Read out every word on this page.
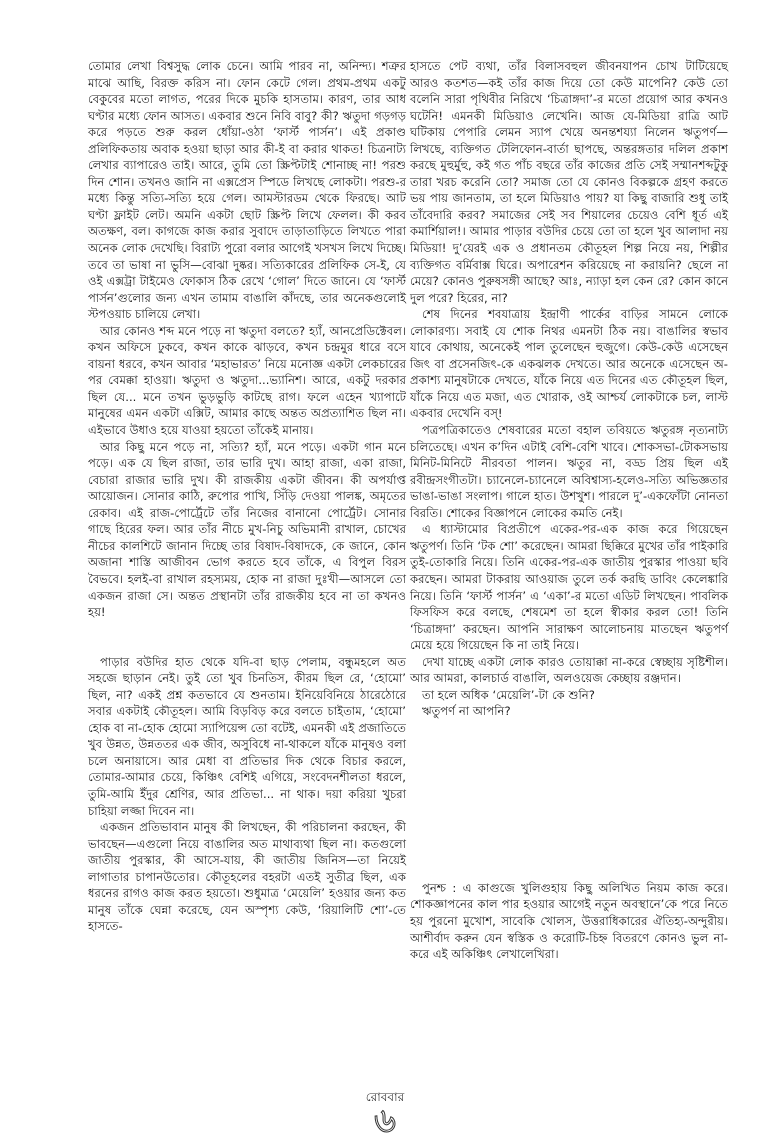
তোমার লেখা বিশ্বসুদ্ধ লোক চেনে। আমি পারব না, অনিন্দ্য। শত্রুর মাঝে আছি, বিরক্ত করিস না। ফোন কেটে গেল। প্রথম-প্রথম একটু বেকুবের মতো লাগত, পরের দিকে মুচকি হাসতাম। কারণ, তার আধ ঘণ্টার মধ্যে ফোন আসত। একবার শুনে নিবি বাবু? কী? ঋতুদা গড়গড় করে পড়তে শুরু করল ধোঁয়া-ওঠা ‘ফার্স্ট পার্সন’। এই প্রকাণ্ড প্রলিফিকতায় অবাক হওয়া ছাড়া আর কী-ই বা করার থাকত! চিত্রনাট্য লেখার ব্যাপারেও তাই। আরে, তুমি তো স্ক্রিপ্টটাই শোনাচ্ছ না! পরশু দিন শোন। তখনও জানি না এক্সপ্রেস স্পিডে লিখছে লোকটা। পরশু-র মধ্যে কিন্তু সত্যি-সত্যি হয়ে গেল। আমস্টারডম থেকে ফিরছে। আট ঘণ্টা ফ্লাইট লেট। অমনি একটা ছোট স্ক্রিপ্ট লিখে ফেলল। কী করব অতক্ষণ, বল। কাগজে কাজ করার সুবাদে তাড়াতাড়িতে লিখতে পারা অনেক লোক দেখেছি। বিরাট্য পুরো বলার আগেই খসখস লিখে দিচ্ছে। তবে তা ভাষা না ভুসি—বোঝা দুষ্কর। সত্যিকারের প্রলিফিক সে-ই, যে ওই এক্সট্রা টাইমেও ফোকাস ঠিক রেখে ‘গোল’ দিতে জানে। যে ‘ফার্স্ট পার্সন’গুলোর জন্য এখন তামাম বাঙালি কাঁদছে, তার অনেকগুলোই স্টপওয়াচ চালিয়ে লেখা।

আর কোনও শব্দ মনে পড়ে না ঋতুদা বলতে? হ্যাঁ, আনপ্রেডিক্টেবল। কখন অফিসে ঢুকবে, কখন কাকে ঝাড়বে, কখন চন্দ্রমুর ধারে বসে বায়না ধরবে, কখন আবার ‘মহাভারত’ নিয়ে মনোজ্ঞ একটা লেকচারের পর বেমক্কা হাওয়া। ঋতুদা ও ঋতুদা...ভ্যানিশ। আরে, একটু দরকার ছিল যে... মনে তখন ভুড়ভুড়ি কাটছে রাগ। ফলে এহেন খ্যাপাটে মানুষের এমন একটা এক্সিট, আমার কাছে অন্তত অপ্রত্যাশিত ছিল না। এইভাবে উধাও হয়ে যাওয়া হয়তো তাঁকেই মানায়।

আর কিছু মনে পড়ে না, সত্যি? হ্যাঁ, মনে পড়ে। একটা গান মনে পড়ে। এক যে ছিল রাজা, তার ভারি দুখ। আহা রাজা, একা রাজা, বেচারা রাজার ভারি দুখ। কী রাজকীয় একটা জীবন। কী অপর্যাপ্ত আয়োজন। সোনার কাঠি, রুপোর পাখি, সিঁড়ি দেওয়া পালঙ্ক, অমৃতের রেকাব। এই রাজ-পোর্ট্রেটে তাঁর নিজের বানানো পোর্ট্রেট। সোনার গাছে হিরের ফল। আর তাঁর নীচে মুখ-নিচু অভিমানী রাখাল, চোখের নীচের কালশিটে জানান দিচ্ছে তার বিষাদ-বিষাদকে, কে জানে, কোন অজানা শাস্তি আজীবন ভোগ করতে হবে তাঁকে, এ বিপুল বিরস বৈভবে। হলই-বা রাখাল রহস্যময়, হোক না রাজা দুঃখী—আসলে তো একজন রাজা সে। অন্তত প্রস্থানটা তাঁর রাজকীয় হবে না তা কখনও হয়!

পাড়ার বউদির হাত থেকে যদি-বা ছাড় পেলাম, বন্ধুমহলে অত সহজে ছাড়ান নেই। তুই তো খুব চিনতিস, কীরম ছিল রে, ‘হোমো’ ছিল, না? একই প্রশ্ন কতভাবে যে শুনতাম। ইনিয়েবিনিয়ে ঠারেঠোরে সবার একটাই কৌতূহল। আমি বিড়বিড় করে বলতে চাইতাম, ‘হোমো’ হোক বা না-হোক হোমো স্যাপিয়েন্স তো বটেই, এমনকী এই প্রজাতিতে খুব উন্নত, উন্নততর এক জীব, অসুবিধে না-থাকলে যাঁকে মানুষও বলা চলে অনায়াসে। আর মেধা বা প্রতিভার দিক থেকে বিচার করলে, তোমার-আমার চেয়ে, কিঞ্চিৎ বেশিই এগিয়ে, সংবেদনশীলতা ধরলে, তুমি-আমি ইঁদুর শ্রেণির, আর প্রতিভা... না থাক। দয়া করিয়া খুচরা চাহিয়া লজ্জা দিবেন না।

একজন প্রতিভাবান মানুষ কী লিখছেন, কী পরিচালনা করছেন, কী ভাবছেন—এগুলো নিয়ে বাঙালির অত মাথাব্যথা ছিল না। কতগুলো জাতীয় পুরস্কার, কী আসে-যায়, কী জাতীয় জিনিস—তা নিয়েই লাগাতার চাপানউতোর। কৌতূহলের বহরটা এতই সুতীব্র ছিল, এক ধরনের রাগও কাজ করত হয়তো। শুধুমাত্র ‘মেয়েলি’ হওয়ার জন্য কত মানুষ তাঁকে ঘেন্না করেছে, যেন অস্পৃশ্য কেউ, ‘রিয়ালিটি শো’-তে হাসতে-

হাসতে পেট ব্যথা, তাঁর বিলাসবহুল জীবনযাপন চোখ টাটিয়েছে আরও কতশত—কই তাঁর কাজ দিয়ে তো কেউ মাপেনি? কেউ তো বলেনি সারা পৃথিবীর নিরিখে ‘চিত্রাঙ্গদা’-র মতো প্রয়োগ আর কখনও ঘটেনি! এমনকী মিডিয়াও লেখেনি। আজ যে-মিডিয়া রাত্রি আট ঘটিকায় পেপারি লেমন স্যাপ খেয়ে অনন্তশয্যা নিলেন ঋতুপর্ণ—লিখছে, ব্যক্তিগত টেলিফোন-বার্তা ছাপছে, অন্তরঙ্গতার দলিল প্রকাশ করছে মুহুর্মুহু, কই গত পাঁচ বছরে তাঁর কাজের প্রতি সেই সম্মানশব্দটুকু তারা খরচ করেনি তো? সমাজ তো যে কোনও বিকল্পকে গ্রহণ করতে ভয় পায় জানতাম, তা হলে মিডিয়াও পায়? যা কিছু বাজারি শুধু তাই তাঁবেদারি করব? সমাজের সেই সব শিয়ালের চেয়েও বেশি ধূর্ত এই কমার্শিয়াল!। আমার পাড়ার বউদির চেয়ে তো তা হলে খুব আলাদা নয় মিডিয়া! দু’য়েরই এক ও প্রধানতম কৌতূহল শিল্প নিয়ে নয়, শিল্পীর ব্যক্তিগত বর্মিবাক্স ঘিরে। অপারেশন করিয়েছে না করায়নি? ছেলে না মেয়ে? কোনও পুরুষসঙ্গী আছে? আঃ, ন্যাড়া হল কেন রে? কোন কানে দুল পরে? হিরের, না?

শেষ দিনের শবযাত্রায় ইন্দ্রাণী পার্কের বাড়ির সামনে লোকে লোকারণ্য। সবাই যে শোক নিথর এমনটা ঠিক নয়। বাঙালির স্বভাব যাবে কোথায়, অনেকেই পাল তুলেছেন হুজুগে। কেউ-কেউ এসেছেন জিৎ বা প্রসেনজিৎ-কে একঝলক দেখতে। আর অনেকে এসেছেন অ-প্রকাশ্য মানুষটাকে দেখতে, যাঁকে নিয়ে এত দিনের এত কৌতূহল ছিল, যাঁকে নিয়ে এত মজা, এত খোরাক, ওই আশ্চর্য লোকটাকে চল, লাস্ট একবার দেখেনি বস্‌!

পত্রপত্রিকাতেও শেষবারের মতো বহাল তবিয়তে ঋতুরঙ্গ নৃত্যনাট্য চলিতেছে। এখন ক’দিন এটাই বেশি-বেশি খাবে। শোকসভা-টোকসভায় মিনিট-মিনিটে নীরবতা পালন। ঋতুর না, বড্ড প্রিয় ছিল এই রবীন্দ্রসংগীতটা। চ্যানেলে-চ্যানেলে অবিশ্বাস্য-হলেও-সত্যি অভিজ্ঞতার ভাঙা-ভাঙা সংলাপ। গালে হাত। উশখুশ। পারলে দু’-একফোঁটা নোনতা বিরতি। শোকের বিজ্ঞাপনে লোকের কমতি নেই।

এ ধ্যাস্টামোর বিপ্রতীপে একের-পর-এক কাজ করে গিয়েছেন ঋতুপর্ণ। তিনি ‘টক শো’ করেছেন। আমরা ছিক্কিরে মুখের তাঁর পাইকারি তুই-তোকারি নিয়ে। তিনি একের-পর-এক জাতীয় পুরস্কার পাওয়া ছবি করছেন। আমরা টাকরায় আওয়াজ তুলে তর্ক করছি ডাবিং কেলেঙ্কারি নিয়ে। তিনি ‘ফার্স্ট পার্সন’ এ ‘একা’-র মতো এডিট লিখছেন। পাবলিক ফিসফিস করে বলছে, শেষমেশ তা হলে স্বীকার করল তো! তিনি ‘চিত্রাঙ্গদা’ করছেন। আপনি সারাক্ষণ আলোচনায় মাতছেন ঋতুপর্ণ মেয়ে হয়ে গিয়েছেন কি না তাই নিয়ে।

দেখা যাচ্ছে একটা লোক কারও তোয়াক্কা না-করে স্বেচ্ছায় সৃষ্টিশীল। আর আমরা, কালচার্ড বাঙালি, অলওয়েজ কেচ্ছায় রঞ্জদান।

তা হলে অধিক ‘মেয়েলি’-টা কে শুনি?

ঋতুপর্ণ না আপনি?

পুনশ্চ : এ কাগুজে খুলিগুহায় কিছু অলিখিত নিয়ম কাজ করে। শোকজ্ঞাপনের কাল পার হওয়ার আগেই নতুন অবস্থানে’কে পরে নিতে হয় পুরনো মুখোশ, সাবেকি খোলস, উত্তরাধিকারের ঐতিহ্য-অন্দুরীয়। আশীর্বাদ করুন যেন স্বস্তিক ও করোটি-চিহ্ন বিতরণে কোনও ভুল না-করে এই অকিঞ্চিৎ লেখালেখিরা।

রোববার
৬
